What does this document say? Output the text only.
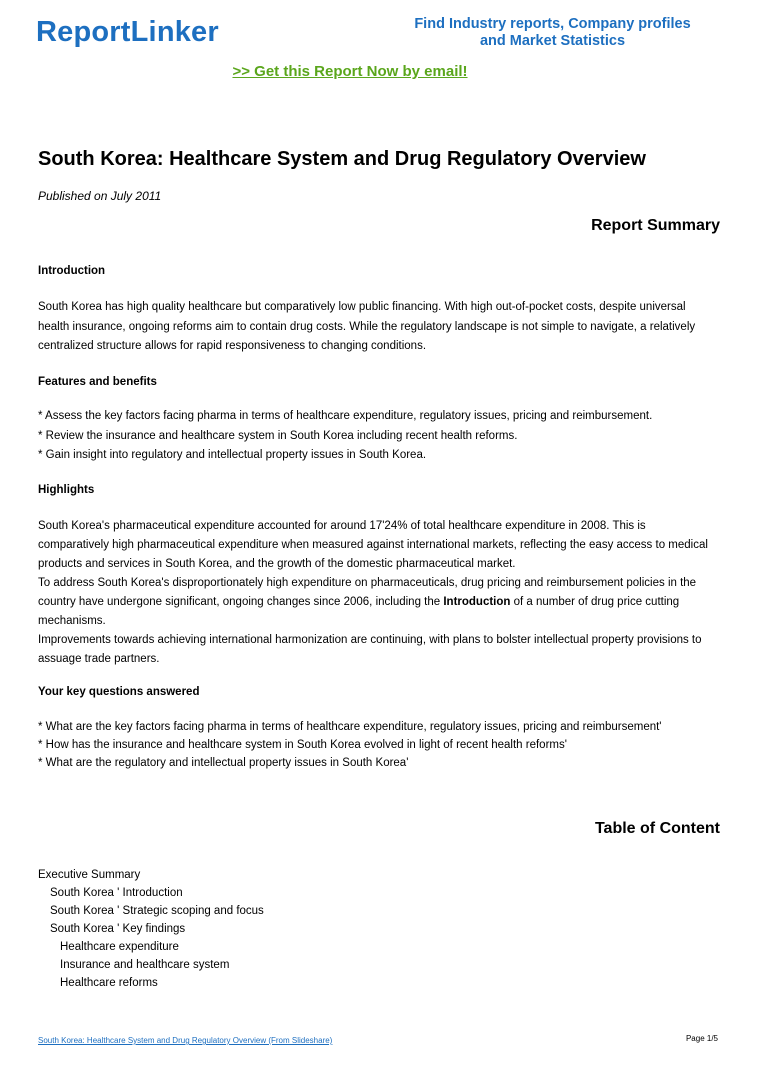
ReportLinker	Find Industry reports, Company profiles
and Market Statistics
>> Get this Report Now by email!
South Korea: Healthcare System and Drug Regulatory Overview
Published on July 2011
Report Summary
Introduction
South Korea has high quality healthcare but comparatively low public financing. With high out-of-pocket costs, despite universal
health insurance, ongoing reforms aim to contain drug costs. While the regulatory landscape is not simple to navigate, a relatively
centralized structure allows for rapid responsiveness to changing conditions.
Features and benefits
* Assess the key factors facing pharma in terms of healthcare expenditure, regulatory issues, pricing and reimbursement.
* Review the insurance and healthcare system in South Korea including recent health reforms.
* Gain insight into regulatory and intellectual property issues in South Korea.
Highlights
South Korea's pharmaceutical expenditure accounted for around 17'24% of total healthcare expenditure in 2008. This is
comparatively high pharmaceutical expenditure when measured against international markets, reflecting the easy access to medical
products and services in South Korea, and the growth of the domestic pharmaceutical market.
To address South Korea's disproportionately high expenditure on pharmaceuticals, drug pricing and reimbursement policies in the
country have undergone significant, ongoing changes since 2006, including the Introduction of a number of drug price cutting
mechanisms.
Improvements towards achieving international harmonization are continuing, with plans to bolster intellectual property provisions to
assuage trade partners.
Your key questions answered
* What are the key factors facing pharma in terms of healthcare expenditure, regulatory issues, pricing and reimbursement'
* How has the insurance and healthcare system in South Korea evolved in light of recent health reforms'
* What are the regulatory and intellectual property issues in South Korea'
Table of Content
Executive Summary
South Korea ' Introduction
South Korea ' Strategic scoping and focus
South Korea ' Key findings
Healthcare expenditure
Insurance and healthcare system
Healthcare reforms
South Korea: Healthcare System and Drug Regulatory Overview (From Slideshare)	Page 1/5
